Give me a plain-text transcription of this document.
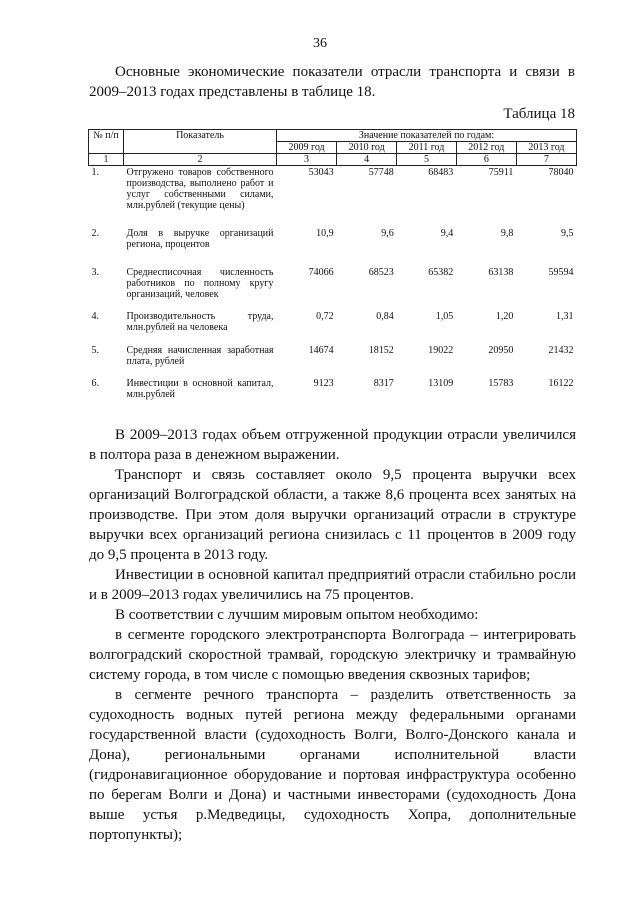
36

Основные экономические показатели отрасли транспорта и связи в 2009–2013 годах представлены в таблице 18.

Таблица 18
№ п/п	Показатель	Значение показателей по годам:				
		2009 год	2010 год	2011 год	2012 год	2013 год
1	2	3	4	5	6	7
1.	Отгружено товаров собственного производства, выполнено работ и услуг собственными силами, млн.рублей (текущие цены)	53043	57748	68483	75911	78040
2.	Доля в выручке организаций региона, процентов	10,9	9,6	9,4	9,8	9,5
3.	Среднесписочная численность работников по полному кругу организаций, человек	74066	68523	65382	63138	59594
4.	Производительность труда, млн.рублей на человека	0,72	0,84	1,05	1,20	1,31
5.	Средняя начисленная заработная плата, рублей	14674	18152	19022	20950	21432
6.	Инвестиции в основной капитал, млн.рублей	9123	8317	13109	15783	16122

В 2009–2013 годах объем отгруженной продукции отрасли увеличился в полтора раза в денежном выражении.

Транспорт и связь составляет около 9,5 процента выручки всех организаций Волгоградской области, а также 8,6 процента всех занятых на производстве. При этом доля выручки организаций отрасли в структуре выручки всех организаций региона снизилась с 11 процентов в 2009 году до 9,5 процента в 2013 году.

Инвестиции в основной капитал предприятий отрасли стабильно росли и в 2009–2013 годах увеличились на 75 процентов.

В соответствии с лучшим мировым опытом необходимо:

в сегменте городского электротранспорта Волгограда – интегрировать волгоградский скоростной трамвай, городскую электричку и трамвайную систему города, в том числе с помощью введения сквозных тарифов;

в сегменте речного транспорта – разделить ответственность за судоходность водных путей региона между федеральными органами государственной власти (судоходность Волги, Волго-Донского канала и Дона), региональными органами исполнительной власти (гидронавигационное оборудование и портовая инфраструктура особенно по берегам Волги и Дона) и частными инвесторами (судоходность Дона выше устья р.Медведицы, судоходность Хопра, дополнительные портопункты);
